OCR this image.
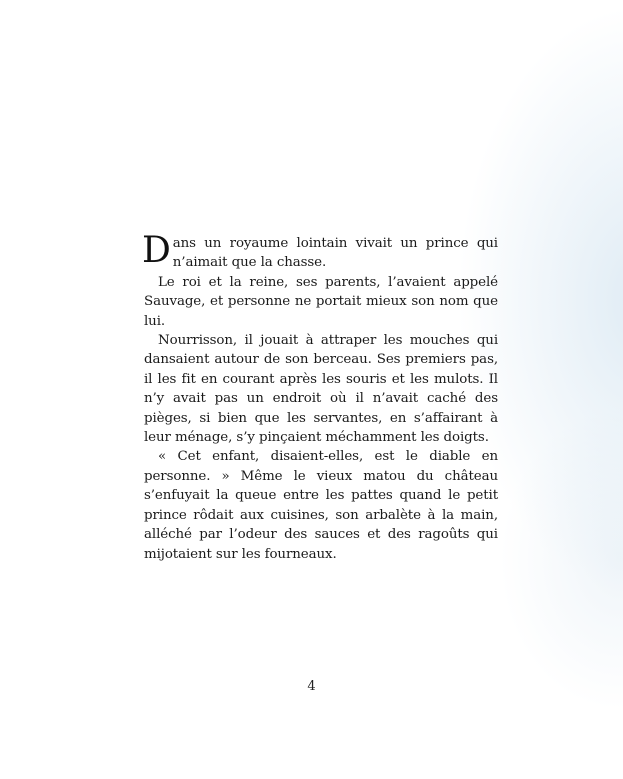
Dans un royaume lointain vivait un prince qui n’aimait que la chasse.

Le roi et la reine, ses parents, l’avaient appelé Sauvage, et personne ne portait mieux son nom que lui.

Nourrisson, il jouait à attraper les mouches qui dansaient autour de son berceau. Ses premiers pas, il les fit en courant après les souris et les mulots. Il n’y avait pas un endroit où il n’avait caché des pièges, si bien que les servantes, en s’affairant à leur ménage, s’y pinçaient méchamment les doigts.

« Cet enfant, disaient-elles, est le diable en personne. » Même le vieux matou du château s’enfuyait la queue entre les pattes quand le petit prince rôdait aux cuisines, son arbalète à la main, alléché par l’odeur des sauces et des ragoûts qui mijotaient sur les fourneaux.

4
